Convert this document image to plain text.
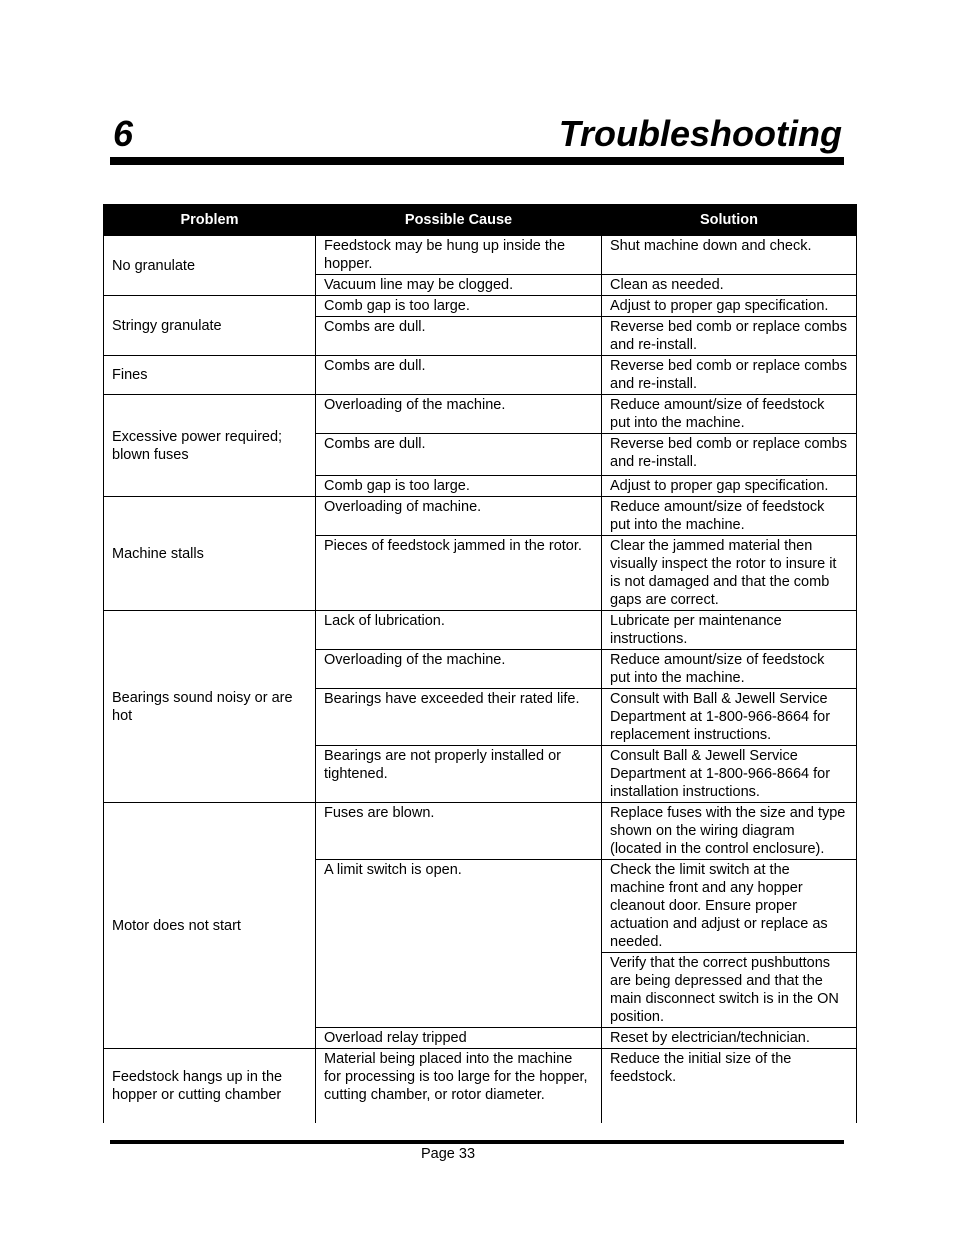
6	Troubleshooting
Problem	Possible Cause	Solution
No granulate	Feedstock may be hung up inside the hopper.	Shut machine down and check.
	Vacuum line may be clogged.	Clean as needed.
Stringy granulate	Comb gap is too large.	Adjust to proper gap specification.
	Combs are dull.	Reverse bed comb or replace combs and re-install.
Fines	Combs are dull.	Reverse bed comb or replace combs and re-install.
Excessive power required; blown fuses	Overloading of the machine.	Reduce amount/size of feedstock put into the machine.
	Combs are dull.	Reverse bed comb or replace combs and re-install.
	Comb gap is too large.	Adjust to proper gap specification.
Machine stalls	Overloading of machine.	Reduce amount/size of feedstock put into the machine.
	Pieces of feedstock jammed in the rotor.	Clear the jammed material then visually inspect the rotor to insure it is not damaged and that the comb gaps are correct.
Bearings sound noisy or are hot	Lack of lubrication.	Lubricate per maintenance instructions.
	Overloading of the machine.	Reduce amount/size of feedstock put into the machine.
	Bearings have exceeded their rated life.	Consult with Ball & Jewell Service Department at 1-800-966-8664 for replacement instructions.
	Bearings are not properly installed or tightened.	Consult Ball & Jewell Service Department at 1-800-966-8664 for installation instructions.
Motor does not start	Fuses are blown.	Replace fuses with the size and type shown on the wiring diagram (located in the control enclosure).
	A limit switch is open.	Check the limit switch at the machine front and any hopper cleanout door. Ensure proper actuation and adjust or replace as needed.
		Verify that the correct pushbuttons are being depressed and that the main disconnect switch is in the ON position.
	Overload relay tripped	Reset by electrician/technician.
Feedstock hangs up in the hopper or cutting chamber	Material being placed into the machine for processing is too large for the hopper, cutting chamber, or rotor diameter.	Reduce the initial size of the feedstock.
Page 33
